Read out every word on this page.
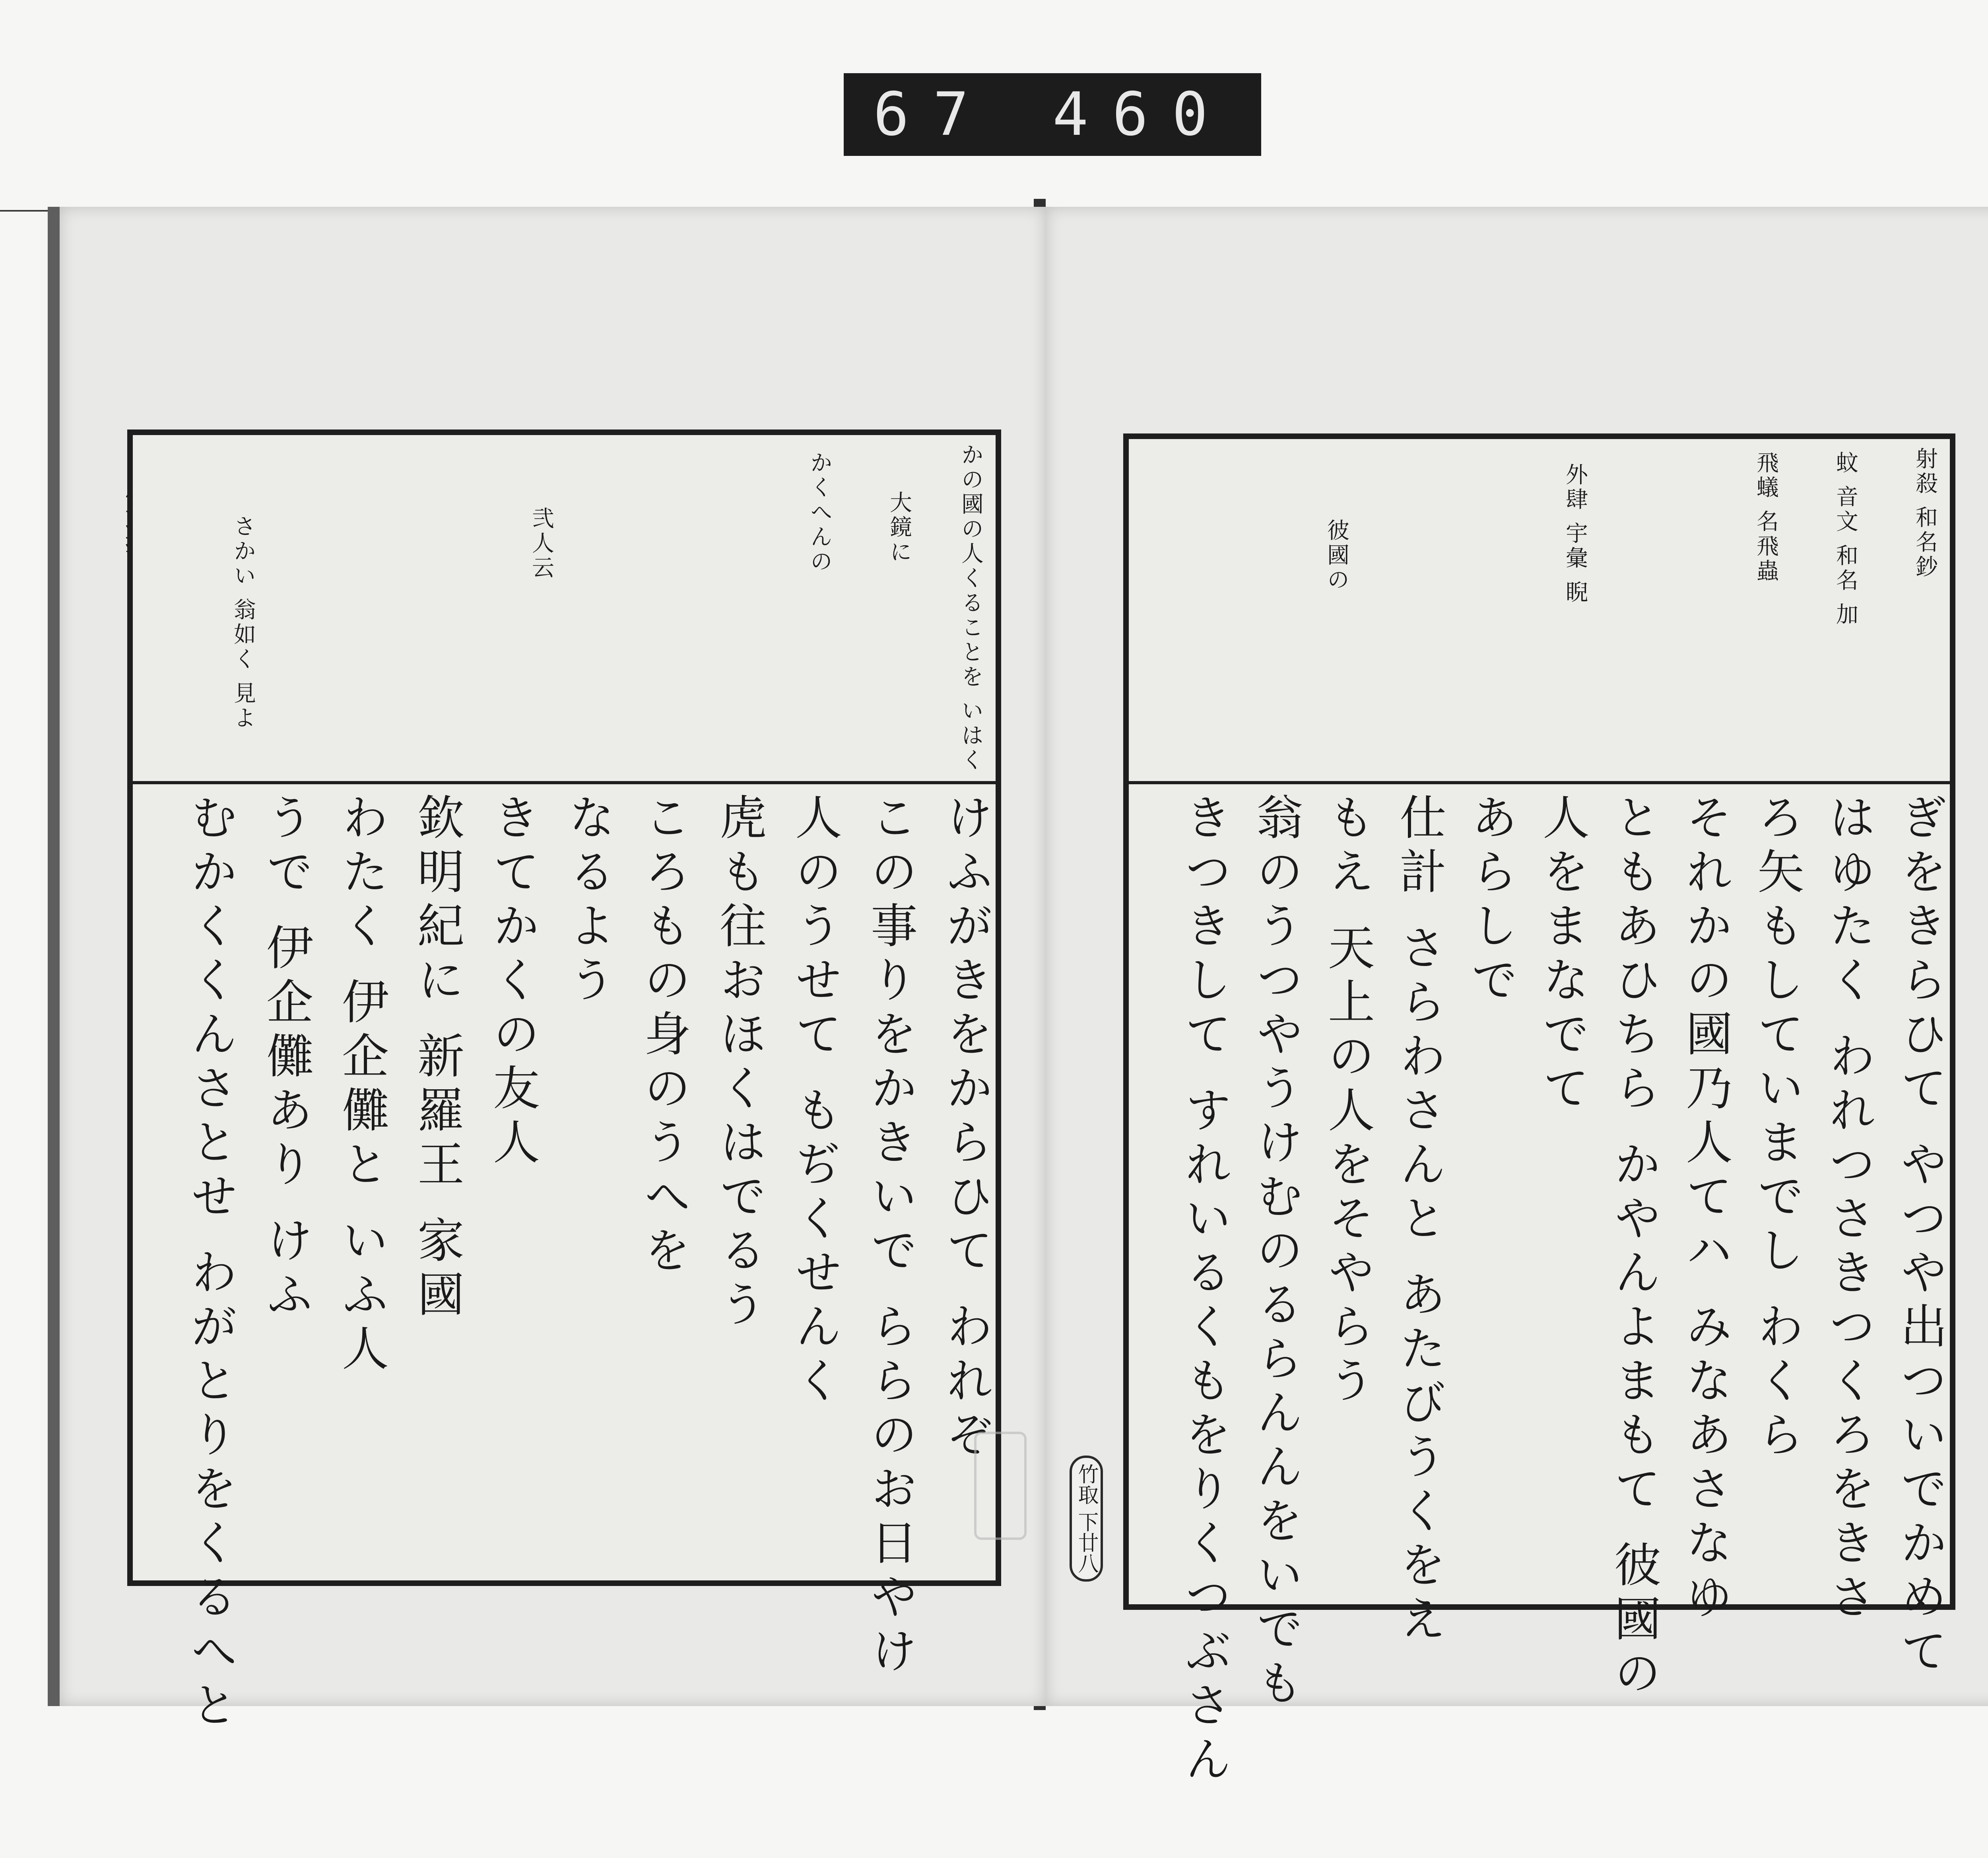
67 460
かの國の人くることを いはく
大鏡に
かくへんの
弐人云
さかい 翁如く 見よ
けふがきをからひて われぞ
この事りをかきいで ららのお日やけ
人のうせて もぢくせんく
虎も往おほくはでるう
ころもの身のうへを
なるよう
きてかくの友人
欽明紀に 新羅王 家國
わたく 伊企儺と いふ人
うで 伊企儺あり けふ
むかくくんさとせ わがとりをくるへと
射殺 和名鈔
蚊 音文 和名 加
飛蟻 名飛蟲
外肆 宇彙 睨
彼國の
ぎをきらひて やつや出ついでかめて
はゆたく われつさきつくろをきさ
ろ矢もしていまでし わくら
それかの國乃人てハ みなあさなゆ
ともあひちら かやんよまもて 彼國の
人をまなでて
あらしで
仕計 さらわさんと あたびうくをえ
もえ 天上の人をそやらう
翁のうつやうけむのるらんんをいでも
きつきして すれいるくもをりくつぶさん
竹取 下廿八
